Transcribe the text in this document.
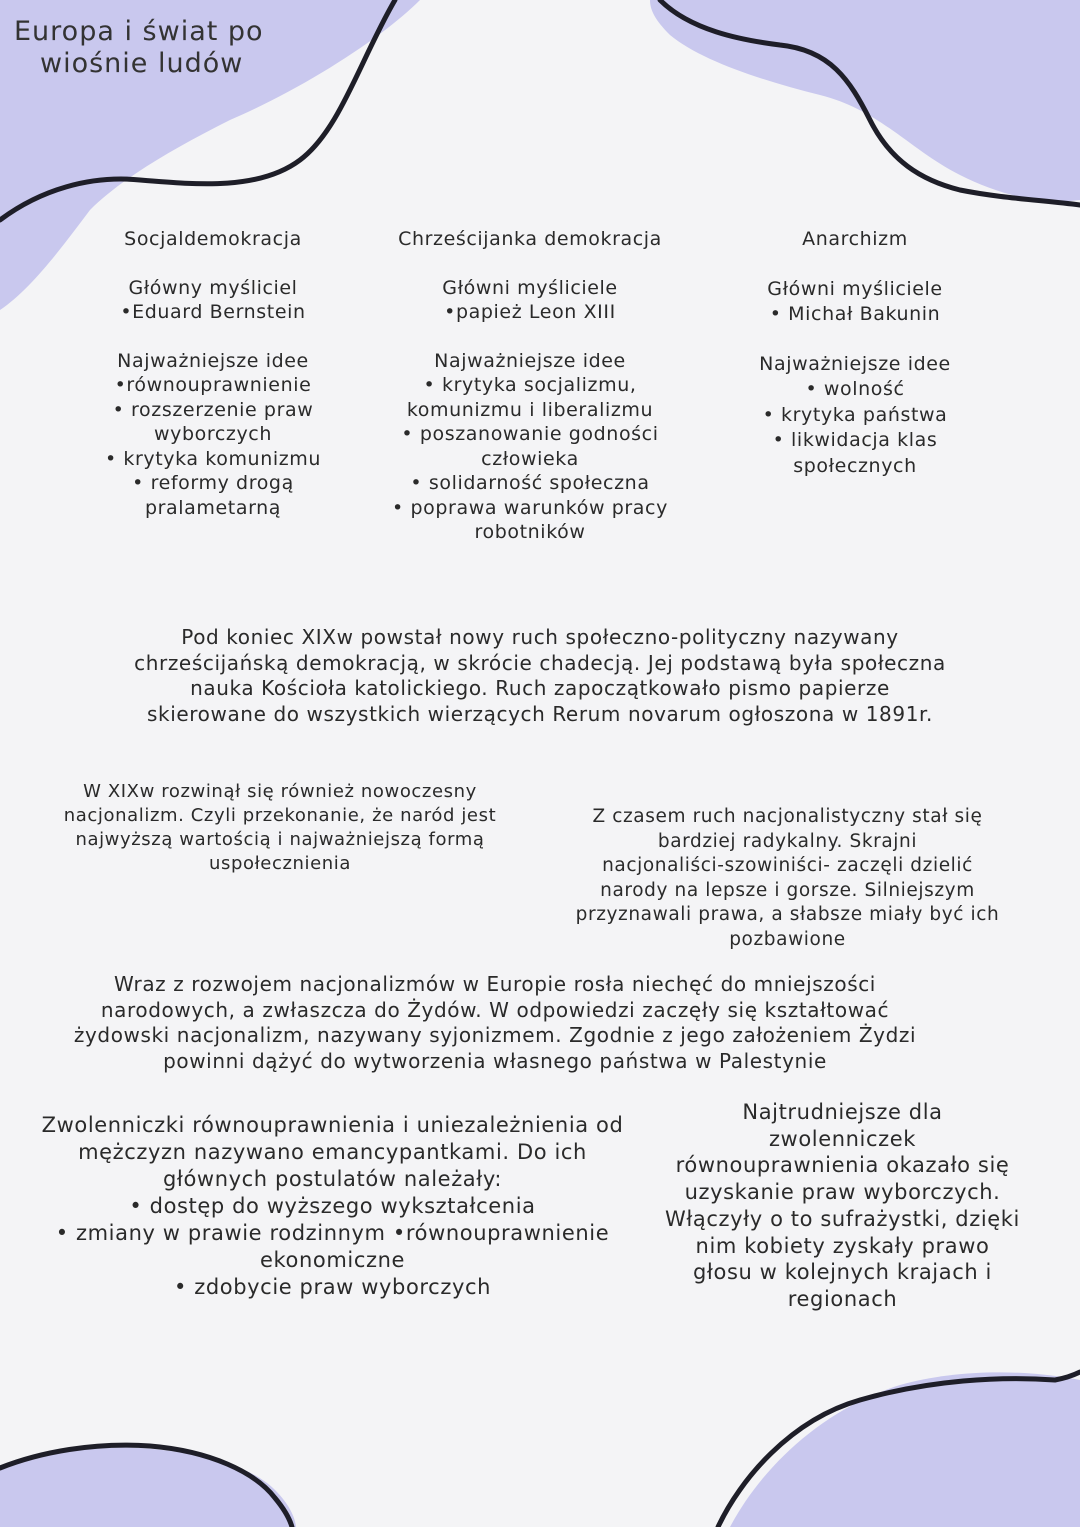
Europa i świat po
wiośnie ludów
Socjaldemokracja
Główny myśliciel
•Eduard Bernstein
Najważniejsze idee
•równouprawnienie
• rozszerzenie praw
wyborczych
• krytyka komunizmu
• reformy drogą
pralametarną
Chrześcijanka demokracja
Główni myśliciele
•papież Leon XIII
Najważniejsze idee
• krytyka socjalizmu,
komunizmu i liberalizmu
• poszanowanie godności
człowieka
• solidarność społeczna
• poprawa warunków pracy
robotników
Anarchizm
Główni myśliciele
• Michał Bakunin
Najważniejsze idee
• wolność
• krytyka państwa
• likwidacja klas
społecznych
Pod koniec XIXw powstał nowy ruch społeczno-polityczny nazywany
chrześcijańską demokracją, w skrócie chadecją. Jej podstawą była społeczna
nauka Kościoła katolickiego. Ruch zapoczątkowało pismo papierze
skierowane do wszystkich wierzących Rerum novarum ogłoszona w 1891r.
W XIXw rozwinął się również nowoczesny
nacjonalizm. Czyli przekonanie, że naród jest
najwyższą wartością i najważniejszą formą
uspołecznienia
Z czasem ruch nacjonalistyczny stał się
bardziej radykalny. Skrajni
nacjonaliści-szowiniści- zaczęli dzielić
narody na lepsze i gorsze. Silniejszym
przyznawali prawa, a słabsze miały być ich
pozbawione
Wraz z rozwojem nacjonalizmów w Europie rosła niechęć do mniejszości
narodowych, a zwłaszcza do Żydów. W odpowiedzi zaczęły się kształtować
żydowski nacjonalizm, nazywany syjonizmem. Zgodnie z jego założeniem Żydzi
powinni dążyć do wytworzenia własnego państwa w Palestynie
Zwolenniczki równouprawnienia i uniezależnienia od
mężczyzn nazywano emancypantkami. Do ich
głównych postulatów należały:
• dostęp do wyższego wykształcenia
• zmiany w prawie rodzinnym •równouprawnienie
ekonomiczne
• zdobycie praw wyborczych
Najtrudniejsze dla
zwolenniczek
równouprawnienia okazało się
uzyskanie praw wyborczych.
Włączyły o to sufrażystki, dzięki
nim kobiety zyskały prawo
głosu w kolejnych krajach i
regionach
